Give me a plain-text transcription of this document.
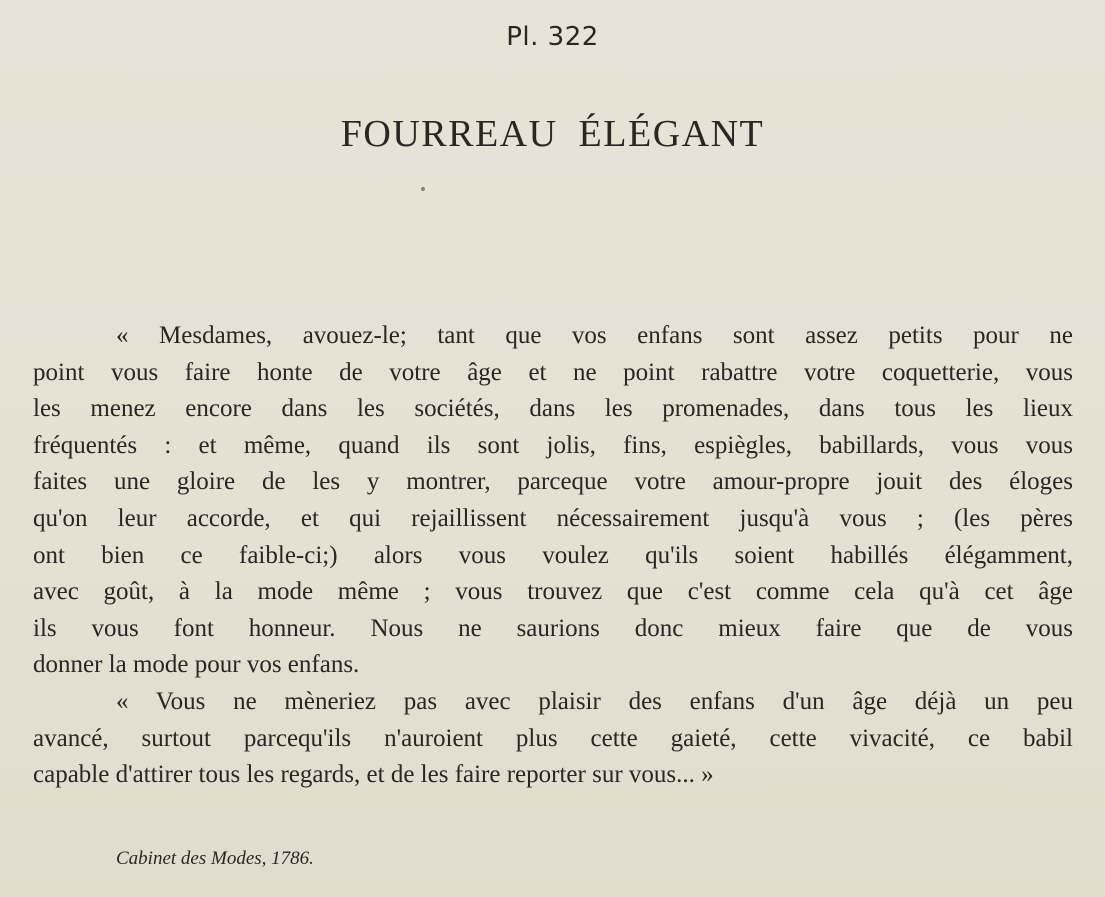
Pl. 322
FOURREAU ÉLÉGANT
« Mesdames, avouez-le; tant que vos enfans sont assez petits pour ne
point vous faire honte de votre âge et ne point rabattre votre coquetterie, vous
les menez encore dans les sociétés, dans les promenades, dans tous les lieux
fréquentés : et même, quand ils sont jolis, fins, espiègles, babillards, vous vous
faites une gloire de les y montrer, parceque votre amour-propre jouit des éloges
qu'on leur accorde, et qui rejaillissent nécessairement jusqu'à vous ; (les pères
ont bien ce faible-ci;) alors vous voulez qu'ils soient habillés élégamment,
avec goût, à la mode même ; vous trouvez que c'est comme cela qu'à cet âge
ils vous font honneur. Nous ne saurions donc mieux faire que de vous
donner la mode pour vos enfans.
« Vous ne mèneriez pas avec plaisir des enfans d'un âge déjà un peu
avancé, surtout parcequ'ils n'auroient plus cette gaieté, cette vivacité, ce babil
capable d'attirer tous les regards, et de les faire reporter sur vous... »
Cabinet des Modes, 1786.
